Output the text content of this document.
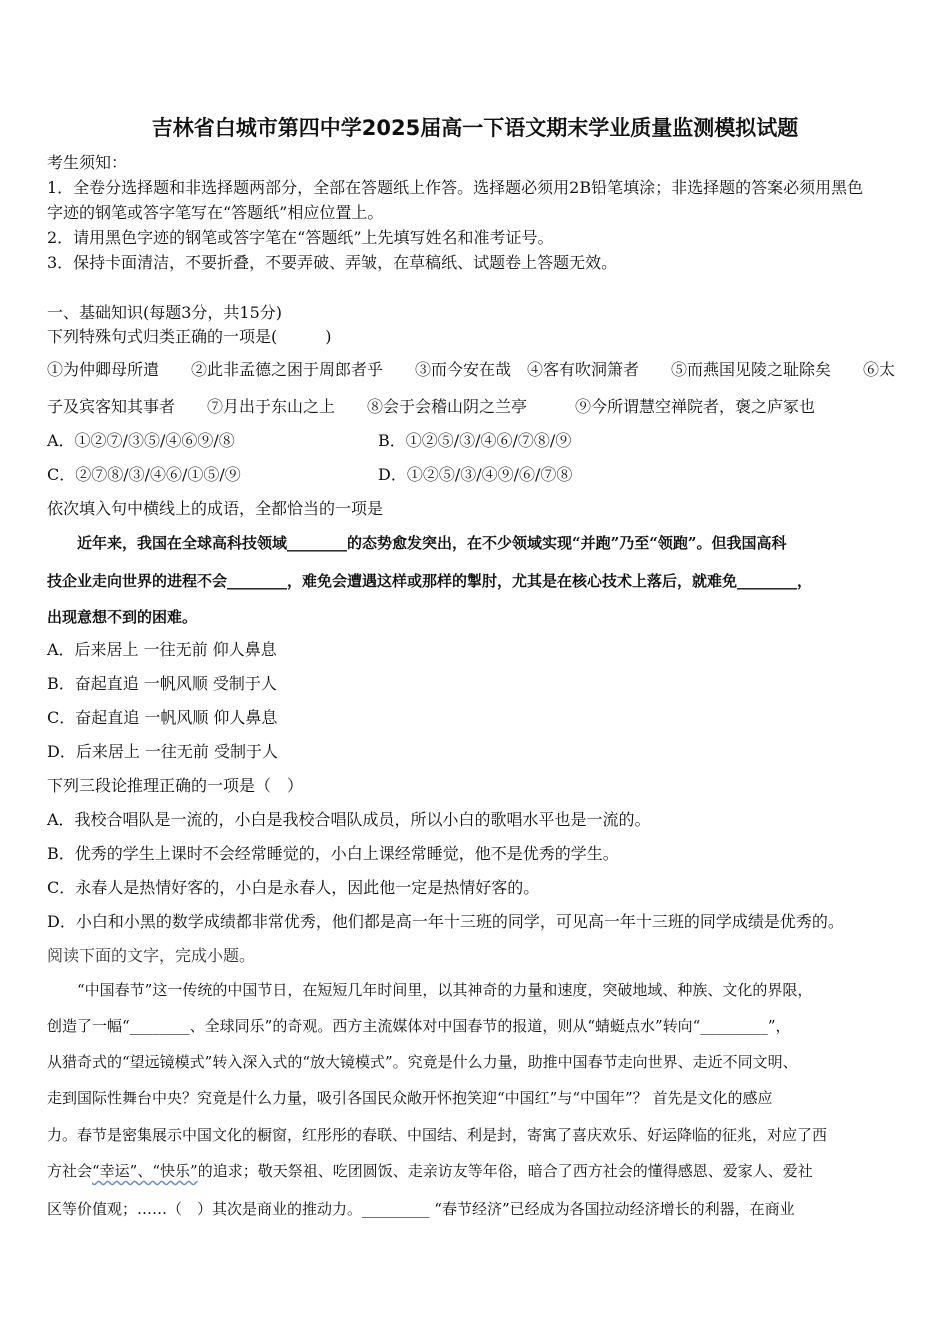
吉林省白城市第四中学2025届高一下语文期末学业质量监测模拟试题
考生须知：
1．全卷分选择题和非选择题两部分，全部在答题纸上作答。选择题必须用2B铅笔填涂；非选择题的答案必须用黑色
字迹的钢笔或答字笔写在“答题纸”相应位置上。
2．请用黑色字迹的钢笔或答字笔在“答题纸”上先填写姓名和准考证号。
3．保持卡面清洁，不要折叠，不要弄破、弄皱，在草稿纸、试题卷上答题无效。
一、基础知识(每题3分，共15分)
下列特殊句式归类正确的一项是(　　　)
①为仲卿母所遣　　②此非孟德之困于周郎者乎　　③而今安在哉　④客有吹洞箫者　　⑤而燕国见陵之耻除矣　　⑥太
子及宾客知其事者　　⑦月出于东山之上　　⑧会于会稽山阴之兰亭　　　⑨今所谓慧空禅院者，褒之庐冢也
A．①②⑦/③⑤/④⑥⑨/⑧	B．①②⑤/③/④⑥/⑦⑧/⑨
C．②⑦⑧/③/④⑥/①⑤/⑨	D．①②⑤/③/④⑨/⑥/⑦⑧
依次填入句中横线上的成语，全都恰当的一项是
　　近年来，我国在全球高科技领域________的态势愈发突出，在不少领域实现“并跑”乃至“领跑”。但我国高科
技企业走向世界的进程不会________，难免会遭遇这样或那样的掣肘，尤其是在核心技术上落后，就难免________，
出现意想不到的困难。
A．后来居上 一往无前 仰人鼻息
B．奋起直追 一帆风顺 受制于人
C．奋起直追 一帆风顺 仰人鼻息
D．后来居上 一往无前 受制于人
下列三段论推理正确的一项是（　）
A．我校合唱队是一流的，小白是我校合唱队成员，所以小白的歌唱水平也是一流的。
B．优秀的学生上课时不会经常睡觉的，小白上课经常睡觉，他不是优秀的学生。
C．永春人是热情好客的，小白是永春人，因此他一定是热情好客的。
D．小白和小黑的数学成绩都非常优秀，他们都是高一年十三班的同学，可见高一年十三班的同学成绩是优秀的。
阅读下面的文字，完成小题。
　　“中国春节”这一传统的中国节日，在短短几年时间里，以其神奇的力量和速度，突破地域、种族、文化的界限，
创造了一幅“________、全球同乐”的奇观。西方主流媒体对中国春节的报道，则从“蜻蜓点水”转向“_________”，
从猎奇式的“望远镜模式”转入深入式的“放大镜模式”。究竟是什么力量，助推中国春节走向世界、走近不同文明、
走到国际性舞台中央？究竟是什么力量，吸引各国民众敞开怀抱笑迎“中国红”与“中国年”？ 首先是文化的感应
力。春节是密集展示中国文化的橱窗，红彤彤的春联、中国结、利是封，寄寓了喜庆欢乐、好运降临的征兆，对应了西
方社会“幸运”、“快乐”的追求；敬天祭祖、吃团圆饭、走亲访友等年俗，暗合了西方社会的懂得感恩、爱家人、爱社
区等价值观；……（　）其次是商业的推动力。_________ “春节经济”已经成为各国拉动经济增长的利器，在商业
